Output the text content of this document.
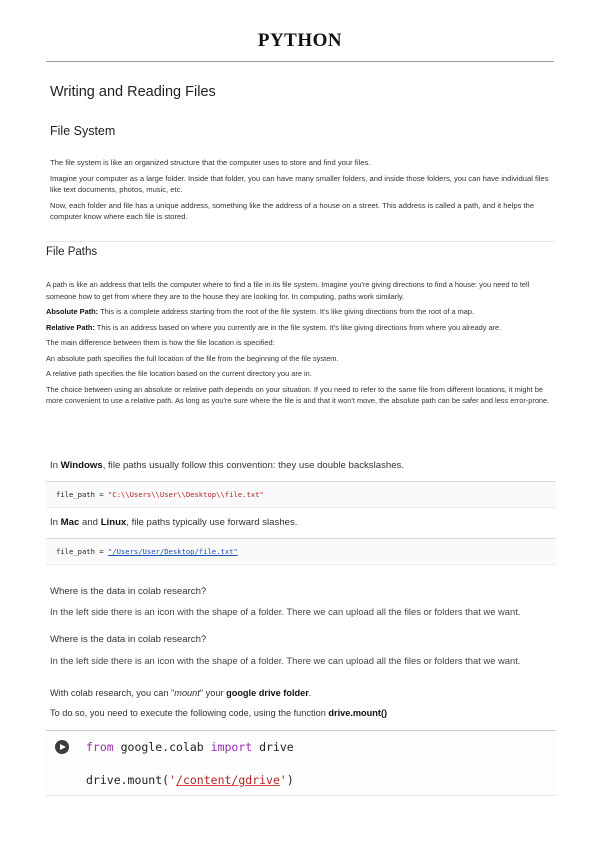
PYTHON
Writing and Reading Files
File System

The file system is like an organized structure that the computer uses to store and find your files.

Imagine your computer as a large folder. Inside that folder, you can have many smaller folders, and inside those folders, you can have individual files like text documents, photos, music, etc.

Now, each folder and file has a unique address, something like the address of a house on a street. This address is called a path, and it helps the computer know where each file is stored.

File Paths

A path is like an address that tells the computer where to find a file in its file system. Imagine you're giving directions to find a house: you need to tell someone how to get from where they are to the house they are looking for. In computing, paths work similarly.

Absolute Path: This is a complete address starting from the root of the file system. It's like giving directions from the root of a map.

Relative Path: This is an address based on where you currently are in the file system. It's like giving directions from where you already are.

The main difference between them is how the file location is specified:

An absolute path specifies the full location of the file from the beginning of the file system.

A relative path specifies the file location based on the current directory you are in.

The choice between using an absolute or relative path depends on your situation. If you need to refer to the same file from different locations, it might be more convenient to use a relative path. As long as you're sure where the file is and that it won't move, the absolute path can be safer and less error-prone.

In Windows, file paths usually follow this convention: they use double backslashes.
file_path = "C:\\Users\\User\\Desktop\\file.txt"
In Mac and Linux, file paths typically use forward slashes.
file_path = "/Users/User/Desktop/file.txt"
Where is the data in colab research?
In the left side there is an icon with the shape of a folder. There we can upload all the files or folders that we want.
Where is the data in colab research?
In the left side there is an icon with the shape of a folder. There we can upload all the files or folders that we want.
With colab research, you can "mount" your google drive folder.
To do so, you need to execute the following code, using the function drive.mount()
from google.colab import drive
drive.mount('/content/gdrive')
